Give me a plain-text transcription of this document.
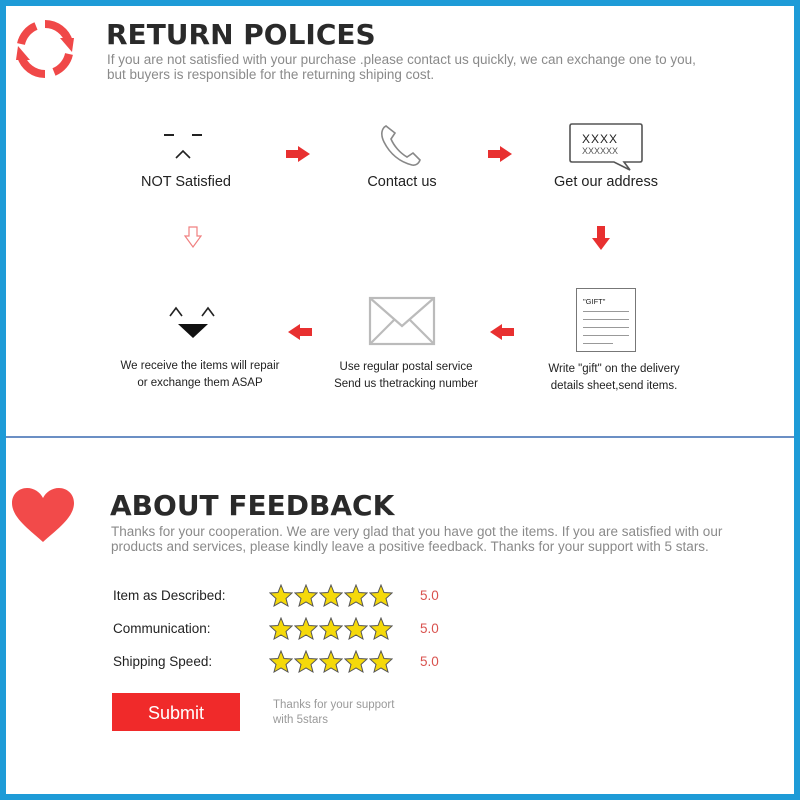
RETURN POLICES
If you are not satisfied with your purchase .please contact us quickly, we can exchange one to you,
but buyers is responsible for the returning shiping cost.
NOT Satisfied	Contact us
XXXX
XXXXXX
Get our address
We receive the items will repair
or exchange them ASAP
Use regular postal service
Send us thetracking number
"GIFT"
Write "gift" on the delivery
details sheet,send items.
ABOUT FEEDBACK
Thanks for your cooperation. We are very glad that you have got the items. If you are satisfied with our
products and services, please kindly leave a positive feedback. Thanks for your support with 5 stars.
Item as Described:	5.0
Communication:	5.0
Shipping Speed:	5.0
Submit	Thanks for your support
with 5stars
